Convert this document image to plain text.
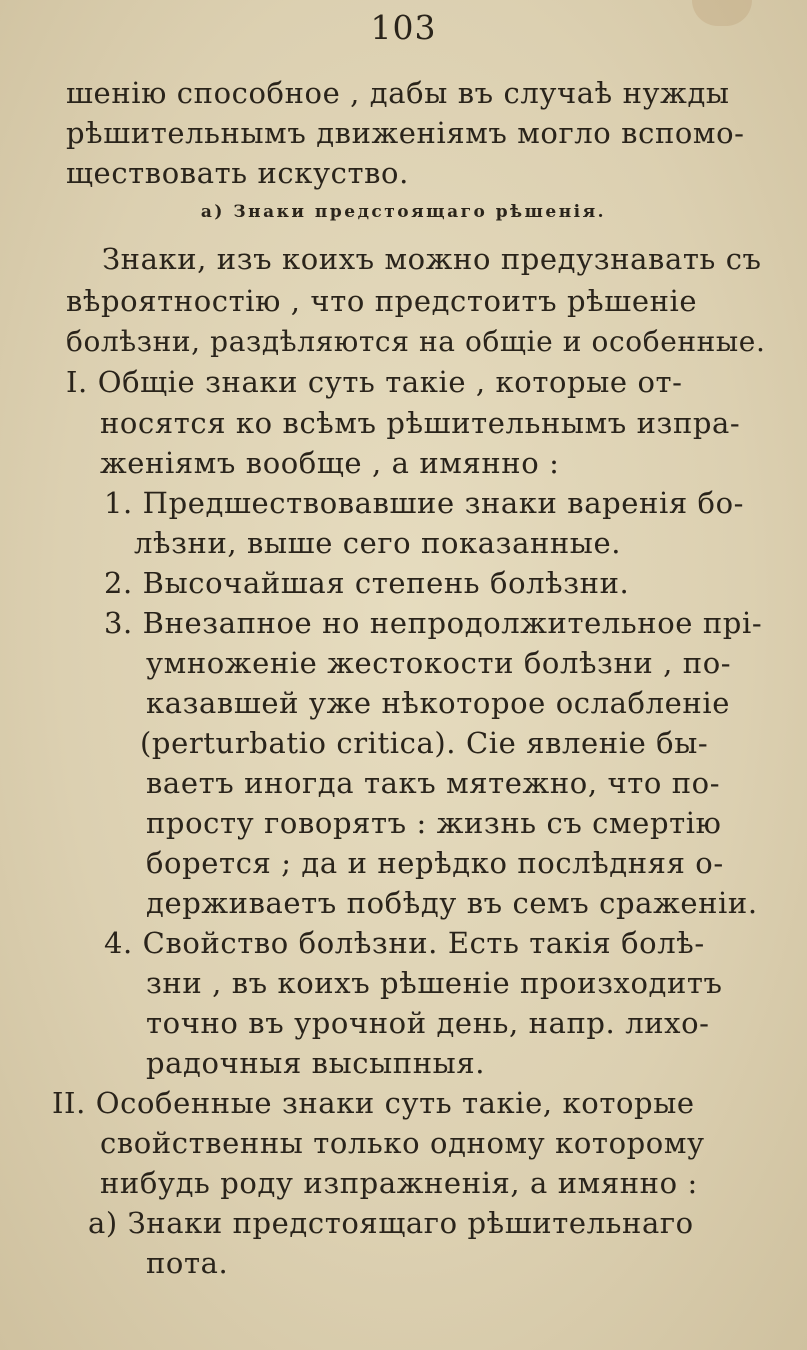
103
шенію способное , дабы въ случаѣ нужды
рѣшительнымъ движеніямъ могло вспомо-
ществовать искуство.
а) Знаки предстоящаго рѣшенія.
Знаки, изъ коихъ можно предузнавать съ
вѣроятностію , что предстоитъ рѣшеніе
болѣзни, раздѣляются на общіе и особенные.
I. Общіе знаки суть такіе , которые от-
носятся ко всѣмъ рѣшительнымъ изпра-
женіямъ вообще , а имянно :
1. Предшествовавшие знаки варенія бо-
лѣзни, выше сего показанные.
2. Высочайшая степень болѣзни.
3. Внезапное но непродолжительное прі-
умноженіе жестокости болѣзни , по-
казавшей уже нѣкоторое ослабленіе
(perturbatio critica). Сіе явленіе бы-
ваетъ иногда такъ мятежно, что по-
просту говорятъ : жизнь съ смертію
борется ; да и нерѣдко послѣдняя о-
держиваетъ побѣду въ семъ сраженіи.
4. Свойство болѣзни. Есть такія болѣ-
зни , въ коихъ рѣшеніе произходитъ
точно въ урочной день, напр. лихо-
радочныя высыпныя.
II. Особенные знаки суть такіе, которые
свойственны только одному которому
нибудь роду изпражненія, а имянно :
а) Знаки предстоящаго рѣшительнаго
пота.
